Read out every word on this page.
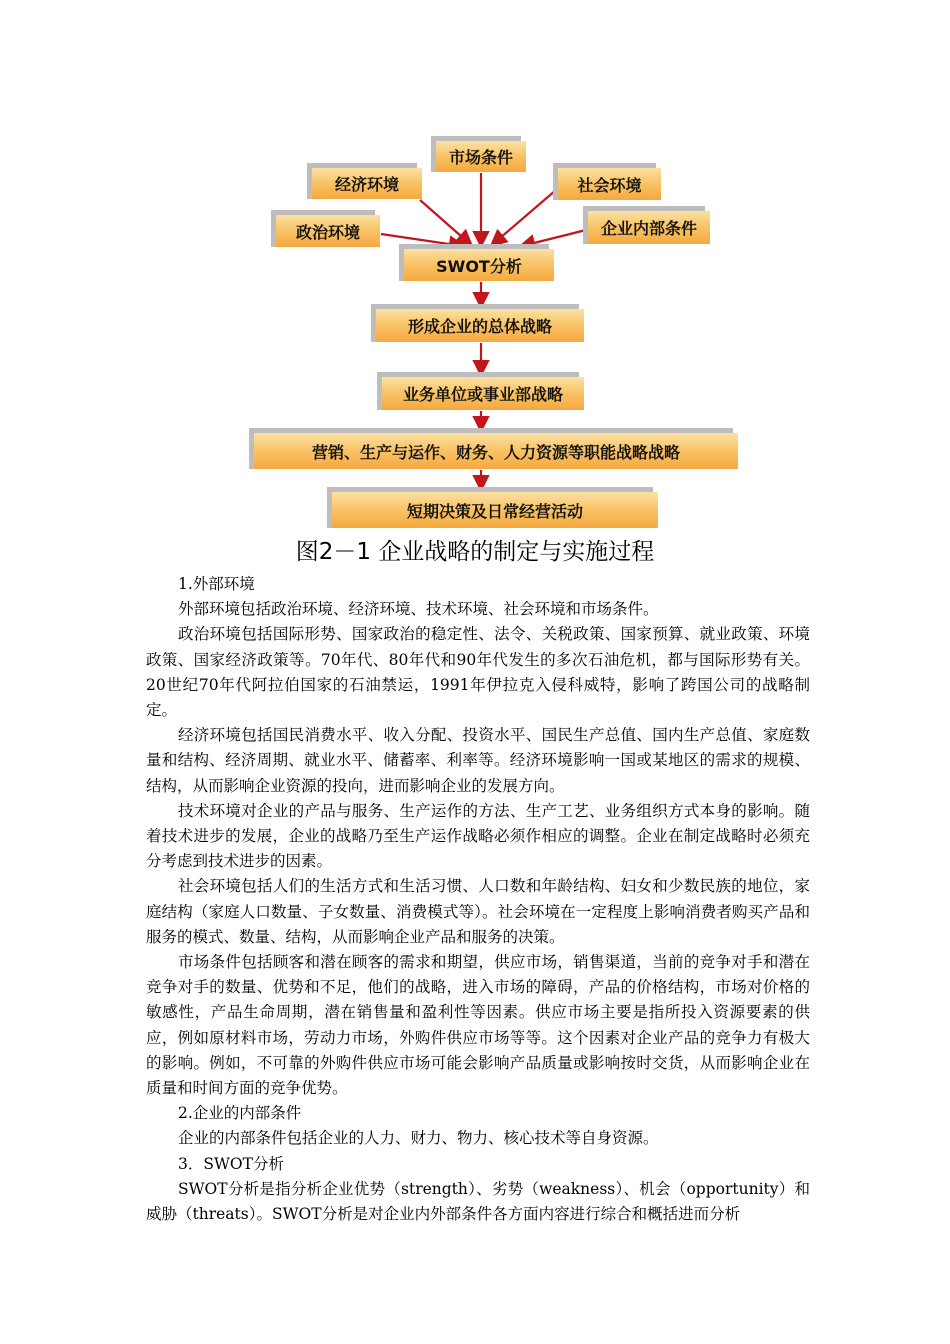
市场条件
经济环境	社会环境
政治环境	企业内部条件
SWOT分析
形成企业的总体战略
业务单位或事业部战略
营销、生产与运作、财务、人力资源等职能战略战略
短期决策及日常经营活动
图2－1 企业战略的制定与实施过程

1.外部环境

外部环境包括政治环境、经济环境、技术环境、社会环境和市场条件。

政治环境包括国际形势、国家政治的稳定性、法令、关税政策、国家预算、就业政策、环境政策、国家经济政策等。70年代、80年代和90年代发生的多次石油危机，都与国际形势有关。20世纪70年代阿拉伯国家的石油禁运，1991年伊拉克入侵科威特，影响了跨国公司的战略制定。

经济环境包括国民消费水平、收入分配、投资水平、国民生产总值、国内生产总值、家庭数量和结构、经济周期、就业水平、储蓄率、利率等。经济环境影响一国或某地区的需求的规模、结构，从而影响企业资源的投向，进而影响企业的发展方向。

技术环境对企业的产品与服务、生产运作的方法、生产工艺、业务组织方式本身的影响。随着技术进步的发展，企业的战略乃至生产运作战略必须作相应的调整。企业在制定战略时必须充分考虑到技术进步的因素。

社会环境包括人们的生活方式和生活习惯、人口数和年龄结构、妇女和少数民族的地位，家庭结构（家庭人口数量、子女数量、消费模式等）。社会环境在一定程度上影响消费者购买产品和服务的模式、数量、结构，从而影响企业产品和服务的决策。

市场条件包括顾客和潜在顾客的需求和期望，供应市场，销售渠道，当前的竞争对手和潜在竞争对手的数量、优势和不足，他们的战略，进入市场的障碍，产品的价格结构，市场对价格的敏感性，产品生命周期，潜在销售量和盈利性等因素。供应市场主要是指所投入资源要素的供应，例如原材料市场，劳动力市场，外购件供应市场等等。这个因素对企业产品的竞争力有极大的影响。例如，不可靠的外购件供应市场可能会影响产品质量或影响按时交货，从而影响企业在质量和时间方面的竞争优势。

2.企业的内部条件

企业的内部条件包括企业的人力、财力、物力、核心技术等自身资源。

3．SWOT分析

SWOT分析是指分析企业优势（strength）、劣势（weakness）、机会（opportunity）和威胁（threats）。SWOT分析是对企业内外部条件各方面内容进行综合和概括进而分析
